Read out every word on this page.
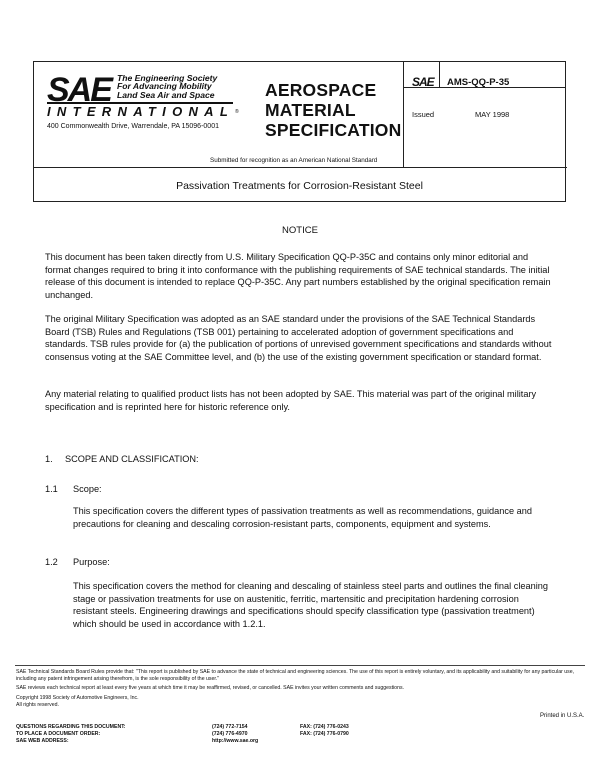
SAE The Engineering Society
For Advancing Mobility
Land Sea Air and Space
INTERNATIONAL ®
400 Commonwealth Drive, Warrendale, PA 15096-0001
AEROSPACE
MATERIAL
SPECIFICATION
Submitted for recognition as an American National Standard
SAE AMS-QQ-P-35
Issued	MAY 1998
Passivation Treatments for Corrosion-Resistant Steel
NOTICE
This document has been taken directly from U.S. Military Specification QQ-P-35C and contains only minor editorial and format changes required to bring it into conformance with the publishing requirements of SAE technical standards. The initial release of this document is intended to replace QQ-P-35C. Any part numbers established by the original specification remain unchanged.
The original Military Specification was adopted as an SAE standard under the provisions of the SAE Technical Standards Board (TSB) Rules and Regulations (TSB 001) pertaining to accelerated adoption of government specifications and standards. TSB rules provide for (a) the publication of portions of unrevised government specifications and standards without consensus voting at the SAE Committee level, and (b) the use of the existing government specification or standard format.
Any material relating to qualified product lists has not been adopted by SAE. This material was part of the original military specification and is reprinted here for historic reference only.
1. SCOPE AND CLASSIFICATION:
1.1 Scope:
This specification covers the different types of passivation treatments as well as recommendations, guidance and precautions for cleaning and descaling corrosion-resistant parts, components, equipment and systems.
1.2 Purpose:
This specification covers the method for cleaning and descaling of stainless steel parts and outlines the final cleaning stage or passivation treatments for use on austenitic, ferritic, martensitic and precipitation hardening corrosion resistant steels. Engineering drawings and specifications should specify classification type (passivation treatment) which should be used in accordance with 1.2.1.
SAE Technical Standards Board Rules provide that: "This report is published by SAE to advance the state of technical and engineering sciences. The use of this report is entirely voluntary, and its applicability and suitability for any particular use, including any patent infringement arising therefrom, is the sole responsibility of the user."
SAE reviews each technical report at least every five years at which time it may be reaffirmed, revised, or cancelled. SAE invites your written comments and suggestions.
Copyright 1998 Society of Automotive Engineers, Inc.
All rights reserved.
Printed in U.S.A.
QUESTIONS REGARDING THIS DOCUMENT:	(724) 772-7154	FAX: (724) 776-0243
TO PLACE A DOCUMENT ORDER:	(724) 776-4970	FAX: (724) 776-0790
SAE WEB ADDRESS:	http://www.sae.org
